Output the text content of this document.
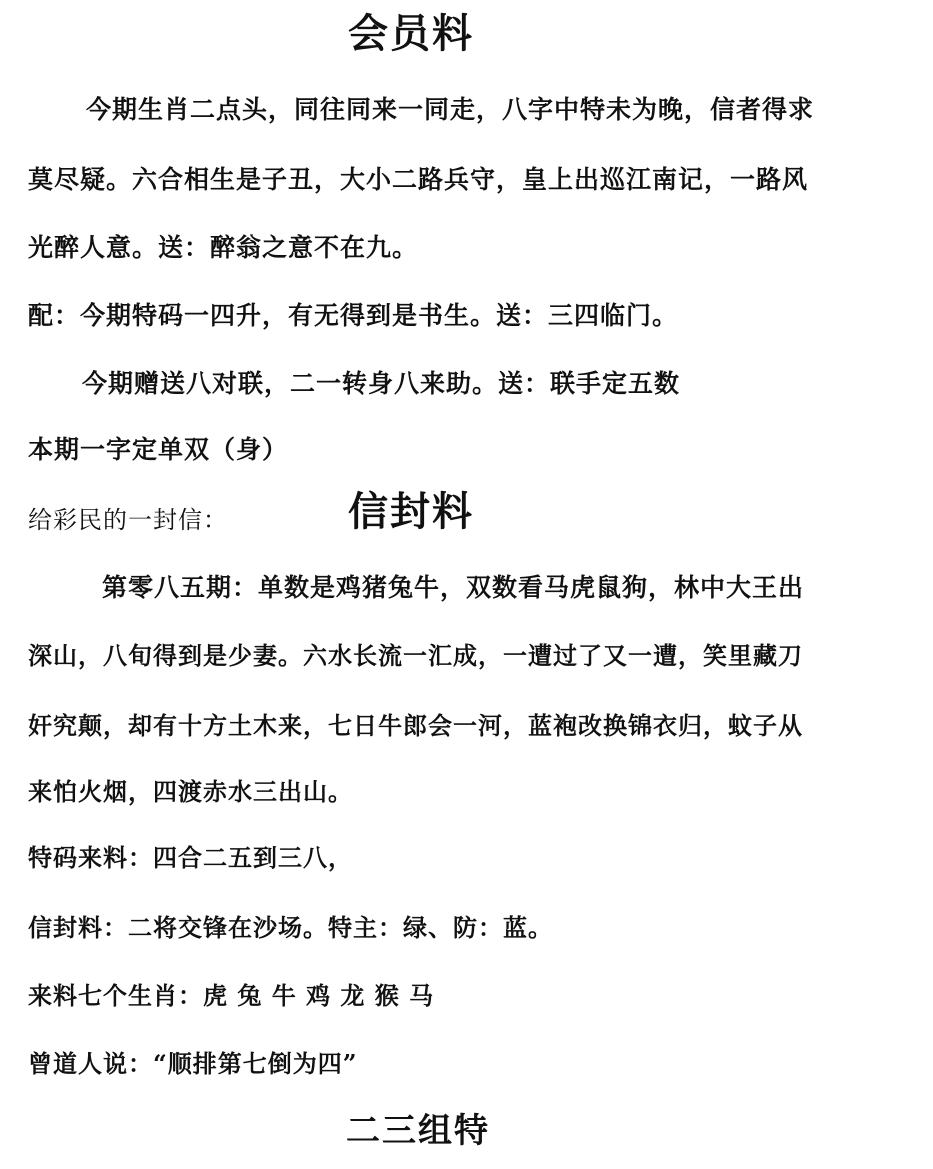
会员料
今期生肖二点头，同往同来一同走，八字中特未为晚，信者得求
莫尽疑。六合相生是子丑，大小二路兵守，皇上出巡江南记，一路风
光醉人意。送：醉翁之意不在九。
配：今期特码一四升，有无得到是书生。送：三四临门。
今期赠送八对联，二一转身八来助。送：联手定五数
本期一字定单双（身）
给彩民的一封信：	信封料
第零八五期：单数是鸡猪兔牛，双数看马虎鼠狗，林中大王出
深山，八旬得到是少妻。六水长流一汇成，一遭过了又一遭，笑里藏刀
奸究颠，却有十方土木来，七日牛郎会一河，蓝袍改换锦衣归，蚊子从
来怕火烟，四渡赤水三出山。
特码来料：四合二五到三八，
信封料：二将交锋在沙场。特主：绿、防：蓝。
来料七个生肖：虎 兔 牛 鸡 龙 猴 马
曾道人说：“顺排第七倒为四”
二三组特
